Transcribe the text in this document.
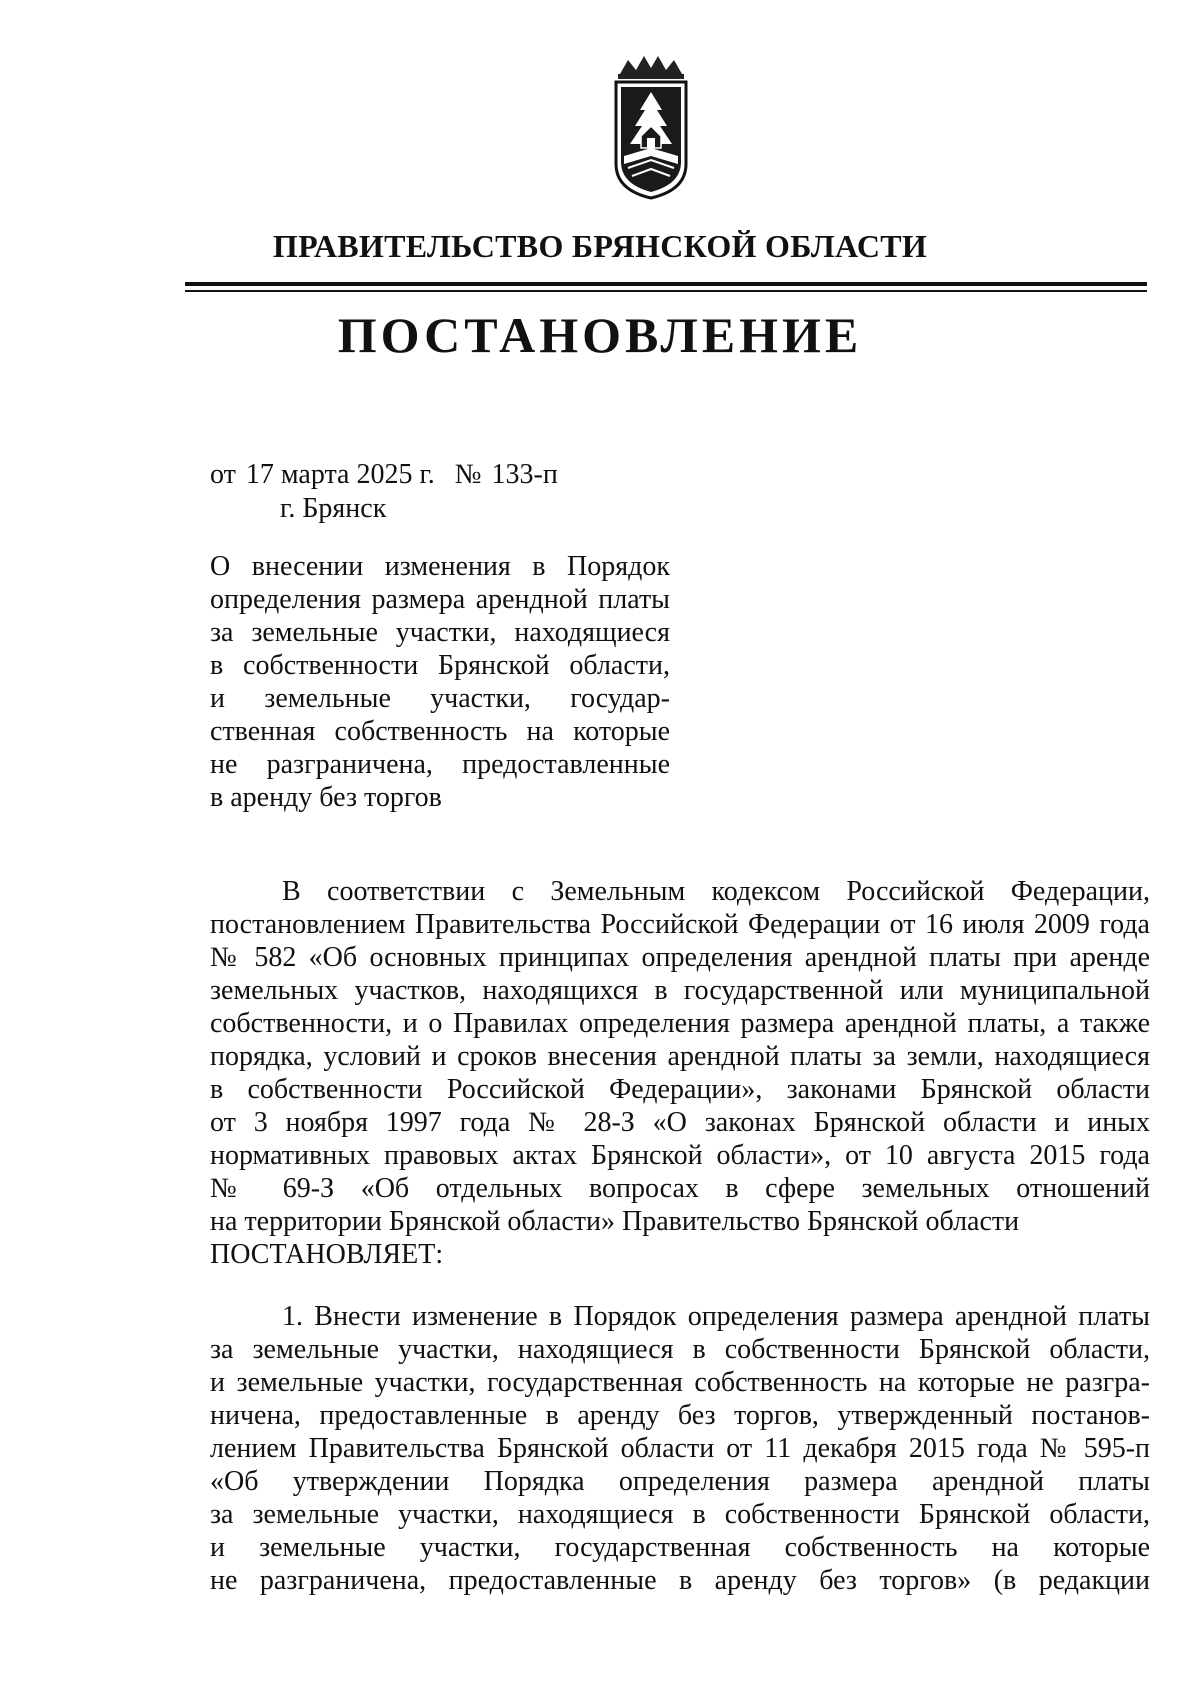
ПРАВИТЕЛЬСТВО БРЯНСКОЙ ОБЛАСТИ
ПОСТАНОВЛЕНИЕ
от 17 марта 2025 г. № 133-п
г. Брянск
О внесении изменения в Порядок
определения размера арендной платы
за земельные участки, находящиеся
в собственности Брянской области,
и земельные участки, государ-
ственная собственность на которые
не разграничена, предоставленные
в аренду без торгов
В соответствии с Земельным кодексом Российской Федерации,
постановлением Правительства Российской Федерации от 16 июля 2009 года
№ 582 «Об основных принципах определения арендной платы при аренде
земельных участков, находящихся в государственной или муниципальной
собственности, и о Правилах определения размера арендной платы, а также
порядка, условий и сроков внесения арендной платы за земли, находящиеся
в собственности Российской Федерации», законами Брянской области
от 3 ноября 1997 года № 28-З «О законах Брянской области и иных
нормативных правовых актах Брянской области», от 10 августа 2015 года
№ 69-З «Об отдельных вопросах в сфере земельных отношений
на территории Брянской области» Правительство Брянской области
ПОСТАНОВЛЯЕТ:
1. Внести изменение в Порядок определения размера арендной платы
за земельные участки, находящиеся в собственности Брянской области,
и земельные участки, государственная собственность на которые не разгра-
ничена, предоставленные в аренду без торгов, утвержденный постанов-
лением Правительства Брянской области от 11 декабря 2015 года № 595-п
«Об утверждении Порядка определения размера арендной платы
за земельные участки, находящиеся в собственности Брянской области,
и земельные участки, государственная собственность на которые
не разграничена, предоставленные в аренду без торгов» (в редакции
